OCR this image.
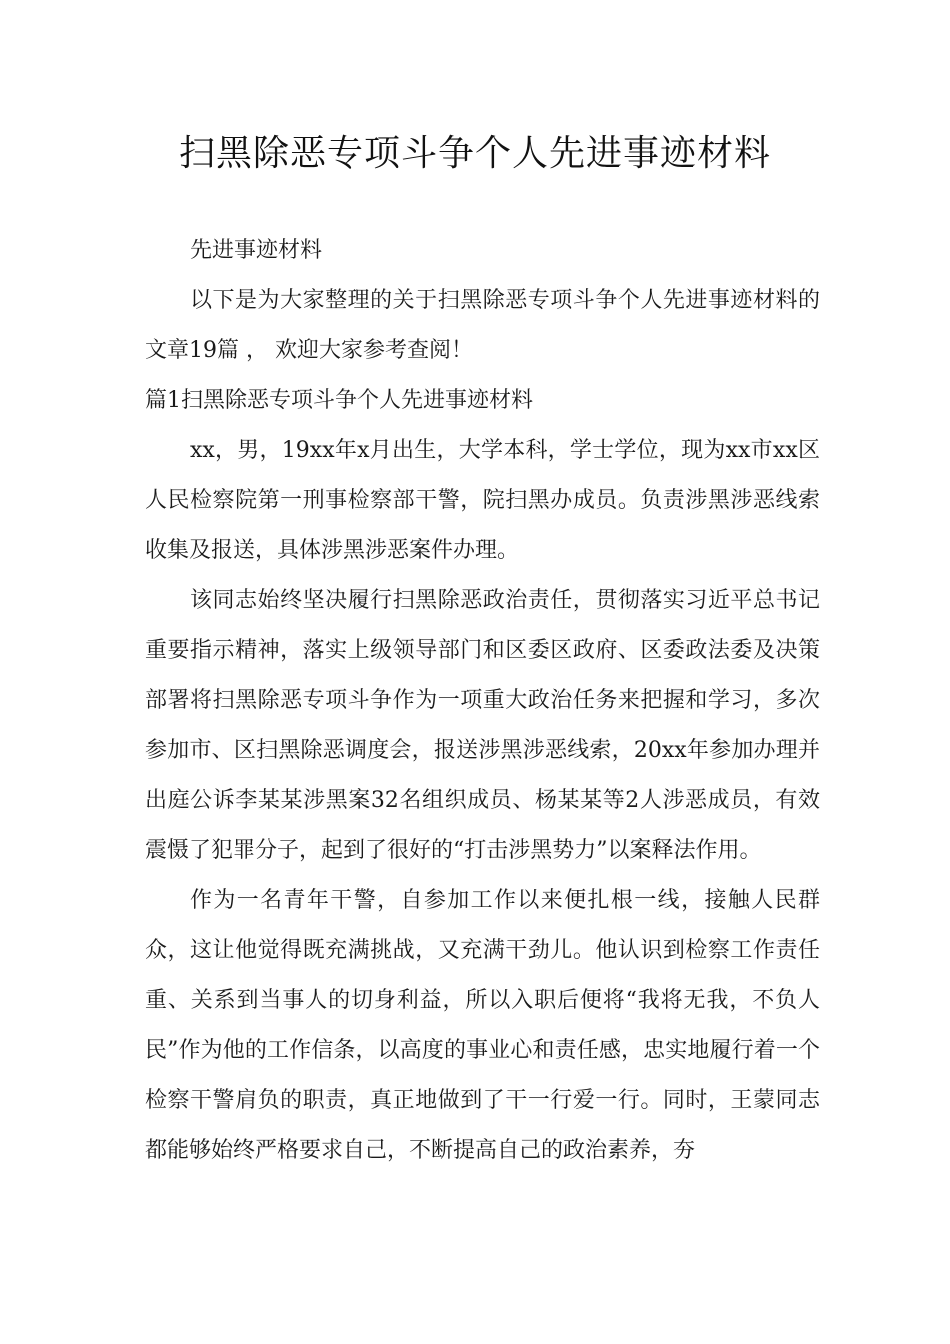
扫黑除恶专项斗争个人先进事迹材料

先进事迹材料

以下是为大家整理的关于扫黑除恶专项斗争个人先进事迹材料的文章19篇 ， 欢迎大家参考查阅！

篇1扫黑除恶专项斗争个人先进事迹材料

xx，男，19xx年x月出生，大学本科，学士学位，现为xx市xx区人民检察院第一刑事检察部干警，院扫黑办成员。负责涉黑涉恶线索收集及报送，具体涉黑涉恶案件办理。

该同志始终坚决履行扫黑除恶政治责任，贯彻落实习近平总书记重要指示精神，落实上级领导部门和区委区政府、区委政法委及决策部署将扫黑除恶专项斗争作为一项重大政治任务来把握和学习，多次参加市、区扫黑除恶调度会，报送涉黑涉恶线索，20xx年参加办理并出庭公诉李某某涉黑案32名组织成员、杨某某等2人涉恶成员，有效震慑了犯罪分子，起到了很好的“打击涉黑势力”以案释法作用。

作为一名青年干警，自参加工作以来便扎根一线，接触人民群众，这让他觉得既充满挑战，又充满干劲儿。他认识到检察工作责任重、关系到当事人的切身利益，所以入职后便将“我将无我，不负人民”作为他的工作信条，以高度的事业心和责任感，忠实地履行着一个检察干警肩负的职责，真正地做到了干一行爱一行。同时，王蒙同志都能够始终严格要求自己，不断提高自己的政治素养，夯
